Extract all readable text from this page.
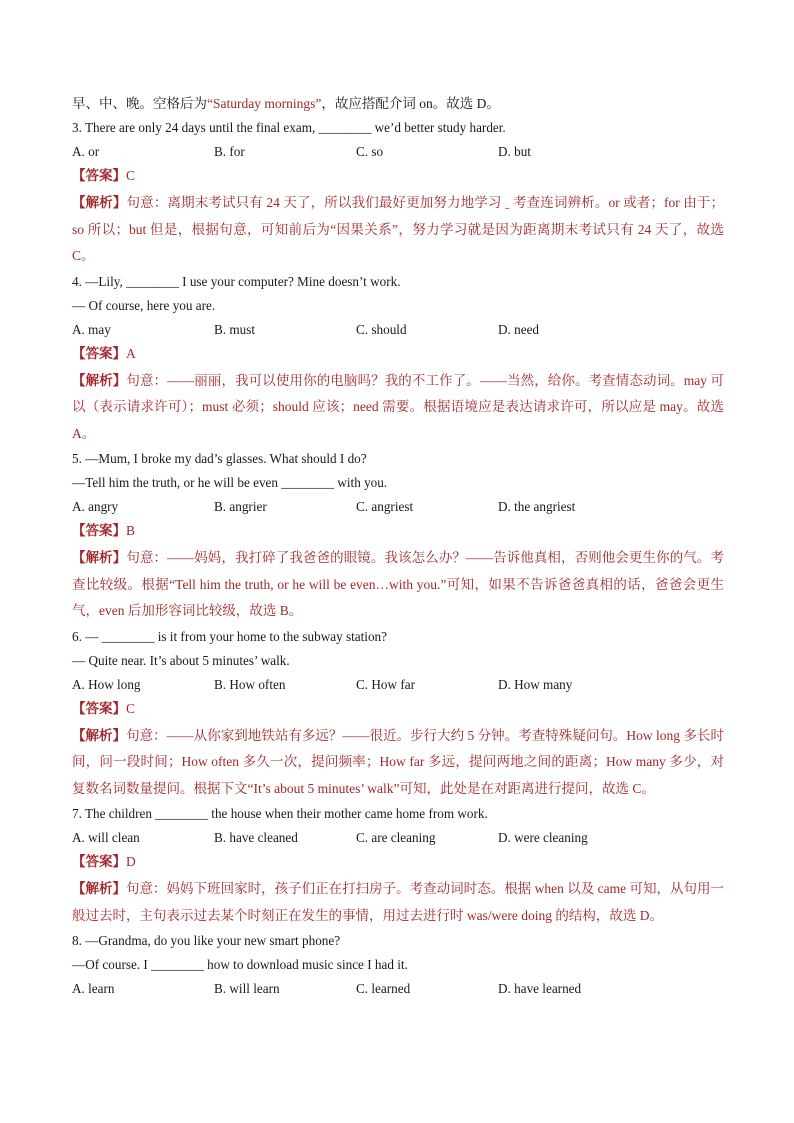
早、中、晚。空格后为“Saturday mornings”，故应搭配介词 on。故选 D。

3. There are only 24 days until the final exam, ________ we’d better study harder.

A. or	B. for	C. so	D. but

【答案】C

【解析】句意：离期末考试只有 24 天了，所以我们最好更加努力地学习 ˍ 考查连词辨析。or 或者；for 由于；so 所以；but 但是，根据句意，可知前后为“因果关系”，努力学习就是因为距离期末考试只有 24 天了，故选 C。

4. —Lily, ________ I use your computer? Mine doesn’t work.

— Of course, here you are.

A. may	B. must	C. should	D. need

【答案】A

【解析】句意：——丽丽，我可以使用你的电脑吗？我的不工作了。——当然，给你。考查情态动词。may 可以（表示请求许可）；must 必须；should 应该；need 需要。根据语境应是表达请求许可，所以应是 may。故选 A。

5. —Mum, I broke my dad’s glasses. What should I do?

—Tell him the truth, or he will be even ________ with you.

A. angry	B. angrier	C. angriest	D. the angriest

【答案】B

【解析】句意：——妈妈，我打碎了我爸爸的眼镜。我该怎么办？——告诉他真相，否则他会更生你的气。考查比较级。根据“Tell him the truth, or he will be even…with you.”可知，如果不告诉爸爸真相的话，爸爸会更生气，even 后加形容词比较级，故选 B。

6. — ________ is it from your home to the subway station?

— Quite near. It’s about 5 minutes’ walk.

A. How long	B. How often	C. How far	D. How many

【答案】C

【解析】句意：——从你家到地铁站有多远？——很近。步行大约 5 分钟。考查特殊疑问句。How long 多长时间，问一段时间；How often 多久一次，提问频率；How far 多远，提问两地之间的距离；How many 多少，对复数名词数量提问。根据下文“It’s about 5 minutes’ walk”可知，此处是在对距离进行提问，故选 C。

7. The children ________ the house when their mother came home from work.

A. will clean	B. have cleaned	C. are cleaning	D. were cleaning

【答案】D

【解析】句意：妈妈下班回家时，孩子们正在打扫房子。考查动词时态。根据 when 以及 came 可知，从句用一般过去时，主句表示过去某个时刻正在发生的事情，用过去进行时 was/were doing 的结构，故选 D。

8. —Grandma, do you like your new smart phone?

—Of course. I ________ how to download music since I had it.

A. learn	B. will learn	C. learned	D. have learned
